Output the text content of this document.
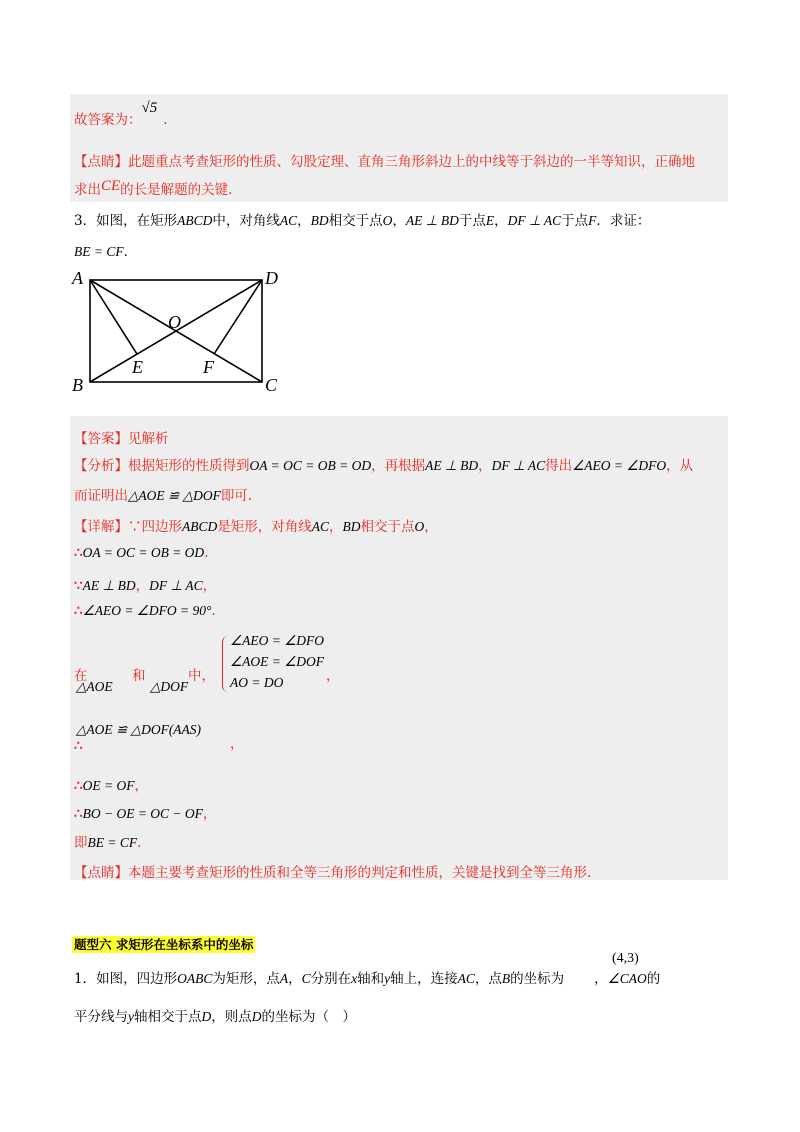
故答案为：√5.
【点睛】此题重点考查矩形的性质、勾股定理、直角三角形斜边上的中线等于斜边的一半等知识，正确地
求出CE的长是解题的关键.
3．如图，在矩形ABCD中，对角线AC，BD相交于点O，AE ⊥ BD于点E，DF ⊥ AC于点F．求证：
BE = CF．
A	D
B	C
O
E	F
【答案】见解析
【分析】根据矩形的性质得到OA = OC = OB = OD，再根据AE ⊥ BD，DF ⊥ AC得出∠AEO = ∠DFO，从
而证明出△AOE ≌ △DOF即可.
【详解】∵四边形ABCD是矩形，对角线AC，BD相交于点O，
∴OA = OC = OB = OD.
∵AE ⊥ BD，DF ⊥ AC，
∴∠AEO = ∠DFO = 90°.
在	和	中，
△AOE	△DOF
∠AEO = ∠DFO
∠AOE = ∠DOF
AO = DO	，
△AOE ≌ △DOF(AAS)
∴	，
∴OE = OF，
∴BO − OE = OC − OF，
即BE = CF.
【点睛】本题主要考查矩形的性质和全等三角形的判定和性质，关键是找到全等三角形.
题型六 求矩形在坐标系中的坐标
(4,3)
1．如图，四边形OABC为矩形，点A，C分别在x轴和y轴上，连接AC，点B的坐标为 ，∠CAO的
平分线与y轴相交于点D，则点D的坐标为（　）
